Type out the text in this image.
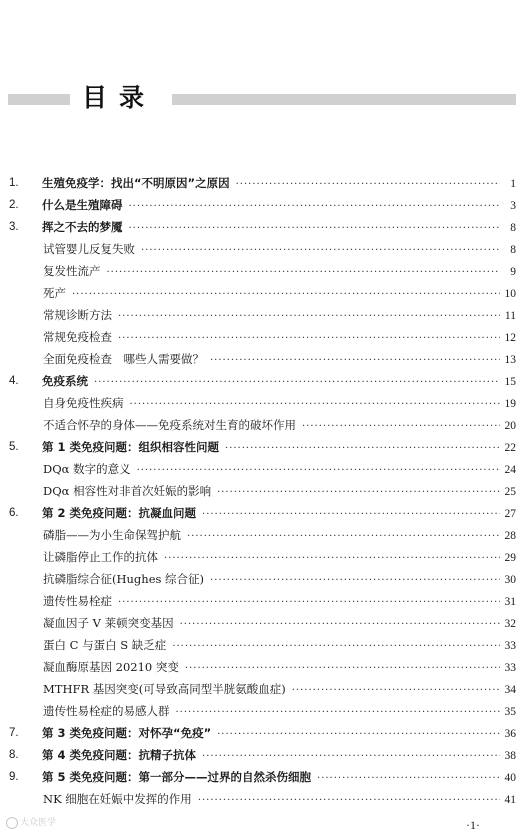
目录
1. 生殖免疫学：找出“不明原因”之原因 ·····	1
2. 什么是生殖障碍 ·····	3
3. 挥之不去的梦魇 ·····	8
试管婴儿反复失败 ·····	8
复发性流产 ·····	9
死产 ·····	10
常规诊断方法 ·····	11
常规免疫检查 ·····	12
全面免疫检查　哪些人需要做？ ·····	13
4. 免疫系统 ·····	15
自身免疫性疾病 ·····	19
不适合怀孕的身体——免疫系统对生育的破坏作用 ·····	20
5. 第 1 类免疫问题：组织相容性问题 ·····	22
DQα 数字的意义 ·····	24
DQα 相容性对非首次妊娠的影响 ·····	25
6. 第 2 类免疫问题：抗凝血问题 ·····	27
磷脂——为小生命保驾护航 ·····	28
让磷脂停止工作的抗体 ·····	29
抗磷脂综合征(Hughes 综合征) ·····	30
遗传性易栓症 ·····	31
凝血因子 V 莱顿突变基因 ·····	32
蛋白 C 与蛋白 S 缺乏症 ·····	33
凝血酶原基因 20210 突变 ·····	33
MTHFR 基因突变(可导致高同型半胱氨酸血症) ·····	34
遗传性易栓症的易感人群 ·····	35
7. 第 3 类免疫问题：对怀孕“免疫” ·····	36
8. 第 4 类免疫问题：抗精子抗体 ·····	38
9. 第 5 类免疫问题：第一部分——过界的自然杀伤细胞 ·····	40
NK 细胞在妊娠中发挥的作用 ·····	41
大众医学	·1·
